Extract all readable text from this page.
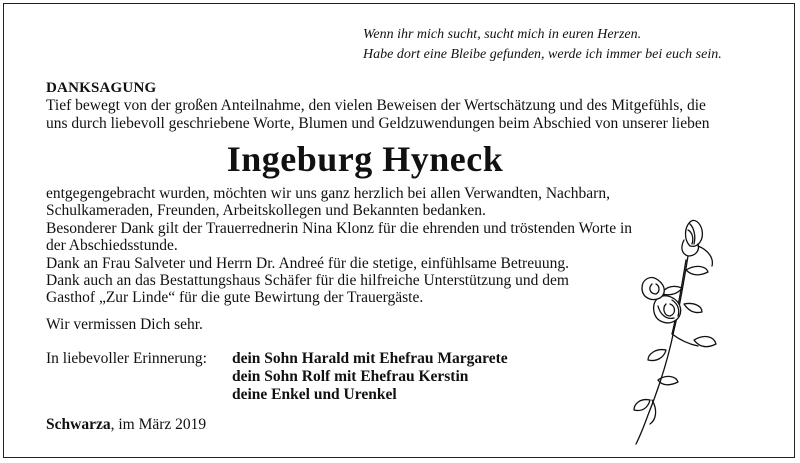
Wenn ihr mich sucht, sucht mich in euren Herzen.
Habe dort eine Bleibe gefunden, werde ich immer bei euch sein.
DANKSAGUNG
Tief bewegt von der großen Anteilnahme, den vielen Beweisen der Wertschätzung und des Mitgefühls, die
uns durch liebevoll geschriebene Worte, Blumen und Geldzuwendungen beim Abschied von unserer lieben
Ingeburg Hyneck
entgegengebracht wurden, möchten wir uns ganz herzlich bei allen Verwandten, Nachbarn,
Schulkameraden, Freunden, Arbeitskollegen und Bekannten bedanken.
Besonderer Dank gilt der Trauerrednerin Nina Klonz für die ehrenden und tröstenden Worte in
der Abschiedsstunde.
Dank an Frau Salveter und Herrn Dr. Andreé für die stetige, einfühlsame Betreuung.
Dank auch an das Bestattungshaus Schäfer für die hilfreiche Unterstützung und dem
Gasthof „Zur Linde“ für die gute Bewirtung der Trauergäste.
Wir vermissen Dich sehr.
In liebevoller Erinnerung: dein Sohn Harald mit Ehefrau Margarete
dein Sohn Rolf mit Ehefrau Kerstin
deine Enkel und Urenkel
Schwarza, im März 2019
